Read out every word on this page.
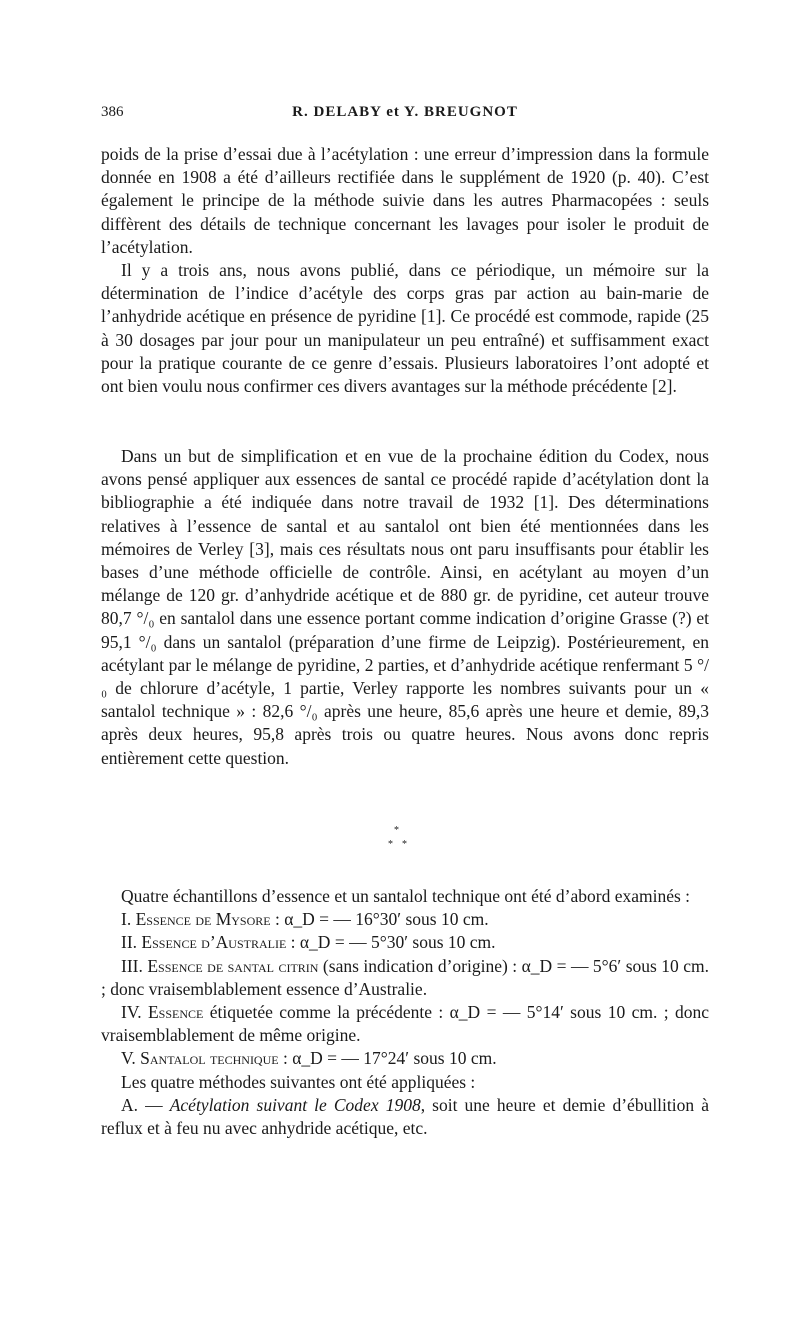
386	R. DELABY et Y. BREUGNOT

poids de la prise d’essai due à l’acétylation : une erreur d’impression dans la formule donnée en 1908 a été d’ailleurs rectifiée dans le supplément de 1920 (p. 40). C’est également le principe de la méthode suivie dans les autres Pharmacopées : seuls diffèrent des détails de technique concernant les lavages pour isoler le produit de l’acétylation.

Il y a trois ans, nous avons publié, dans ce périodique, un mémoire sur la détermination de l’indice d’acétyle des corps gras par action au bain-marie de l’anhydride acétique en présence de pyridine [1]. Ce procédé est commode, rapide (25 à 30 dosages par jour pour un manipulateur un peu entraîné) et suffisamment exact pour la pratique courante de ce genre d’essais. Plusieurs laboratoires l’ont adopté et ont bien voulu nous confirmer ces divers avantages sur la méthode précédente [2].

Dans un but de simplification et en vue de la prochaine édition du Codex, nous avons pensé appliquer aux essences de santal ce procédé rapide d’acétylation dont la bibliographie a été indiquée dans notre travail de 1932 [1]. Des déterminations relatives à l’essence de santal et au santalol ont bien été mentionnées dans les mémoires de Verley [3], mais ces résultats nous ont paru insuffisants pour établir les bases d’une méthode officielle de contrôle. Ainsi, en acétylant au moyen d’un mélange de 120 gr. d’anhydride acétique et de 880 gr. de pyridine, cet auteur trouve 80,7 °/₀ en santalol dans une essence portant comme indication d’origine Grasse (?) et 95,1 °/₀ dans un santalol (préparation d’une firme de Leipzig). Postérieurement, en acétylant par le mélange de pyridine, 2 parties, et d’anhydride acétique renfermant 5 °/₀ de chlorure d’acétyle, 1 partie, Verley rapporte les nombres suivants pour un « santalol technique » : 82,6 °/₀ après une heure, 85,6 après une heure et demie, 89,3 après deux heures, 95,8 après trois ou quatre heures. Nous avons donc repris entièrement cette question.

*
* *

Quatre échantillons d’essence et un santalol technique ont été d’abord examinés :

I. Essence de Mysore : α_D = — 16°30′ sous 10 cm.

II. Essence d’Australie : α_D = — 5°30′ sous 10 cm.

III. Essence de santal citrin (sans indication d’origine) : α_D = — 5°6′ sous 10 cm. ; donc vraisemblablement essence d’Australie.

IV. Essence étiquetée comme la précédente : α_D = — 5°14′ sous 10 cm. ; donc vraisemblablement de même origine.

V. Santalol technique : α_D = — 17°24′ sous 10 cm.

Les quatre méthodes suivantes ont été appliquées :

A. — Acétylation suivant le Codex 1908, soit une heure et demie d’ébullition à reflux et à feu nu avec anhydride acétique, etc.
